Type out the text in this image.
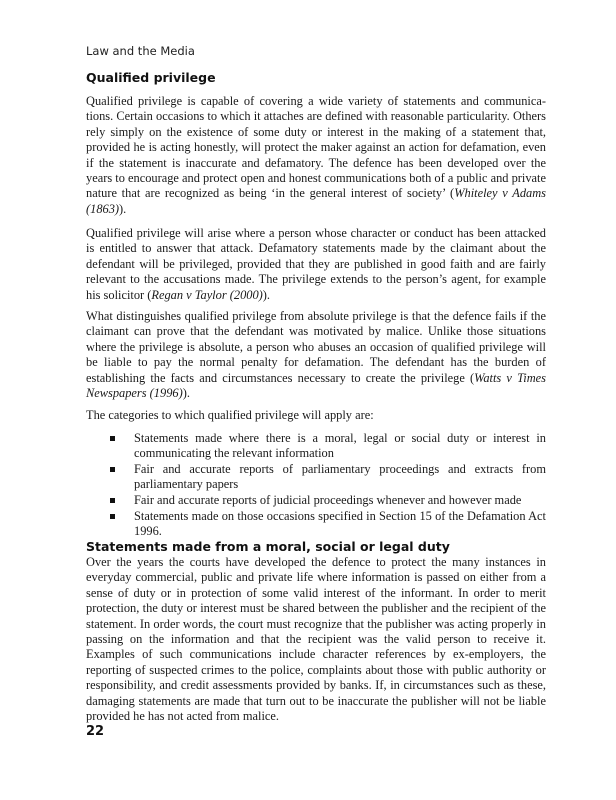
Law and the Media
Qualified privilege

Qualified privilege is capable of covering a wide variety of statements and communica-tions. Certain occasions to which it attaches are defined with reasonable particularity. Others rely simply on the existence of some duty or interest in the making of a statement that, provided he is acting honestly, will protect the maker against an action for defamation, even if the statement is inaccurate and defamatory. The defence has been developed over the years to encourage and protect open and honest communications both of a public and private nature that are recognized as being ‘in the general interest of society’ (Whiteley v Adams (1863)).

Qualified privilege will arise where a person whose character or conduct has been attacked is entitled to answer that attack. Defamatory statements made by the claimant about the defendant will be privileged, provided that they are published in good faith and are fairly relevant to the accusations made. The privilege extends to the person’s agent, for example his solicitor (Regan v Taylor (2000)).

What distinguishes qualified privilege from absolute privilege is that the defence fails if the claimant can prove that the defendant was motivated by malice. Unlike those situations where the privilege is absolute, a person who abuses an occasion of qualified privilege will be liable to pay the normal penalty for defamation. The defendant has the burden of establishing the facts and circumstances necessary to create the privilege (Watts v Times Newspapers (1996)).

The categories to which qualified privilege will apply are:

Statements made where there is a moral, legal or social duty or interest in communicating the relevant information
Fair and accurate reports of parliamentary proceedings and extracts from parliamentary papers
Fair and accurate reports of judicial proceedings whenever and however made
Statements made on those occasions specified in Section 15 of the Defamation Act 1996.
Statements made from a moral, social or legal duty

Over the years the courts have developed the defence to protect the many instances in everyday commercial, public and private life where information is passed on either from a sense of duty or in protection of some valid interest of the informant. In order to merit protection, the duty or interest must be shared between the publisher and the recipient of the statement. In order words, the court must recognize that the publisher was acting properly in passing on the information and that the recipient was the valid person to receive it. Examples of such communications include character references by ex-employers, the reporting of suspected crimes to the police, complaints about those with public authority or responsibility, and credit assessments provided by banks. If, in circumstances such as these, damaging statements are made that turn out to be inaccurate the publisher will not be liable provided he has not acted from malice.

22
